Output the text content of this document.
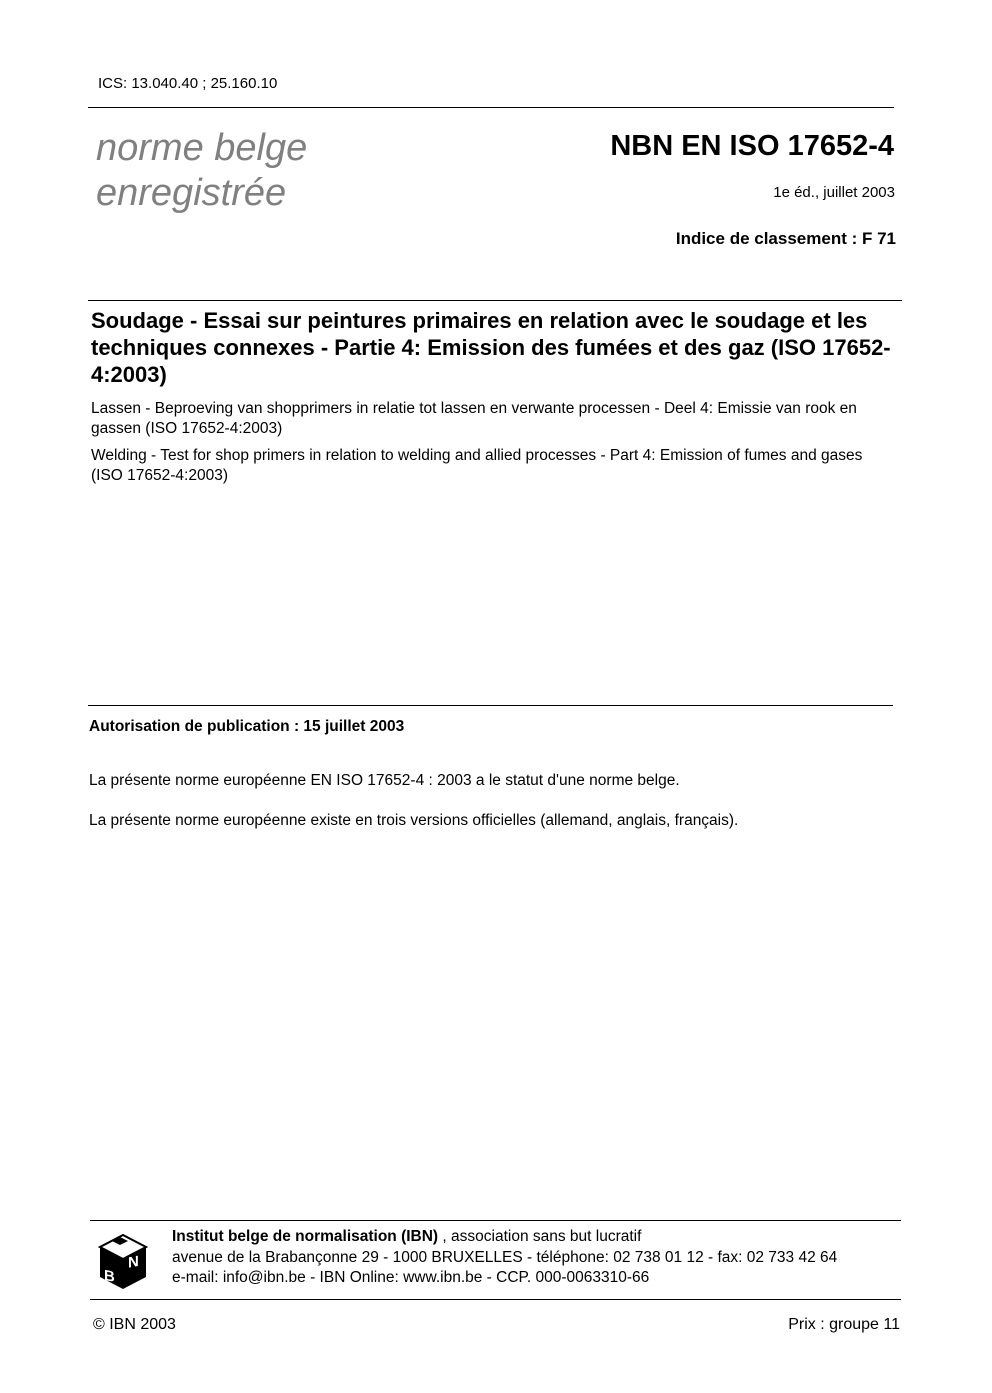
ICS: 13.040.40 ; 25.160.10
norme belge
enregistrée
NBN EN ISO 17652-4
1e éd., juillet 2003
Indice de classement : F 71
Soudage - Essai sur peintures primaires en relation avec le soudage et les techniques connexes - Partie 4: Emission des fumées et des gaz (ISO 17652-4:2003)
Lassen - Beproeving van shopprimers in relatie tot lassen en verwante processen - Deel 4: Emissie van rook en gassen (ISO 17652-4:2003)
Welding - Test for shop primers in relation to welding and allied processes - Part 4: Emission of fumes and gases (ISO 17652-4:2003)
Autorisation de publication : 15 juillet 2003
La présente norme européenne EN ISO 17652-4 : 2003 a le statut d'une norme belge.
La présente norme européenne existe en trois versions officielles (allemand, anglais, français).
B
N
Institut belge de normalisation (IBN) , association sans but lucratif
avenue de la Brabançonne 29 - 1000 BRUXELLES - téléphone: 02 738 01 12 - fax: 02 733 42 64
e-mail: info@ibn.be - IBN Online: www.ibn.be - CCP. 000-0063310-66
© IBN 2003	Prix : groupe 11
